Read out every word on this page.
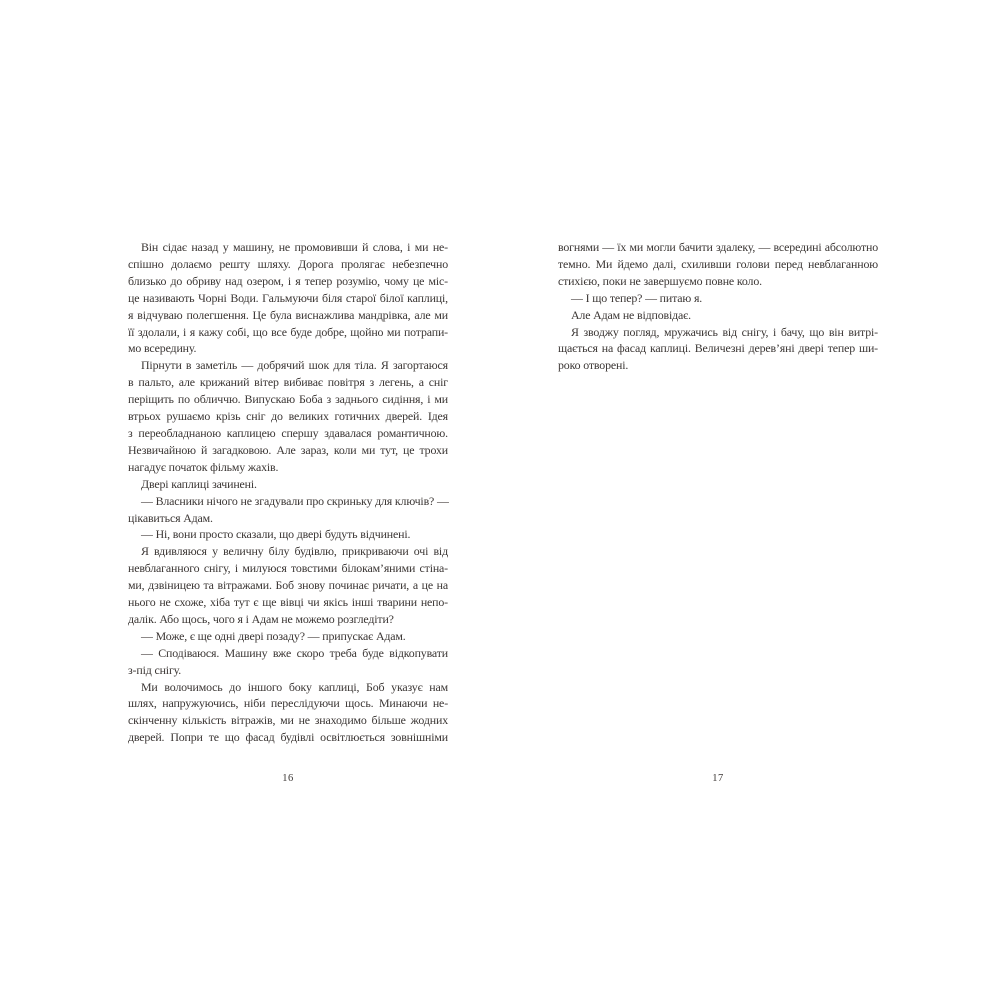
Він сідає назад у машину, не промовивши й слова, і ми не-
спішно долаємо решту шляху. Дорога пролягає небезпечно
близько до обриву над озером, і я тепер розумію, чому це міс-
це називають Чорні Води. Гальмуючи біля старої білої каплиці,
я відчуваю полегшення. Це була виснажлива мандрівка, але ми
її здолали, і я кажу собі, що все буде добре, щойно ми потрапи-
мо всередину.
Пірнути в заметіль — добрячий шок для тіла. Я загортаюся
в пальто, але крижаний вітер вибиває повітря з легень, а сніг
періщить по обличчю. Випускаю Боба з заднього сидіння, і ми
втрьох рушаємо крізь сніг до великих готичних дверей. Ідея
з переобладнаною каплицею спершу здавалася романтичною.
Незвичайною й загадковою. Але зараз, коли ми тут, це трохи
нагадує початок фільму жахів.
Двері каплиці зачинені.
— Власники нічого не згадували про скриньку для ключів? —
цікавиться Адам.
— Ні, вони просто сказали, що двері будуть відчинені.
Я вдивляюся у величну білу будівлю, прикриваючи очі від
невблаганного снігу, і милуюся товстими білокам’яними стіна-
ми, дзвіницею та вітражами. Боб знову починає ричати, а це на
нього не схоже, хіба тут є ще вівці чи якісь інші тварини непо-
далік. Або щось, чого я і Адам не можемо розгледіти?
— Може, є ще одні двері позаду? — припускає Адам.
— Сподіваюся. Машину вже скоро треба буде відкопувати
з-під снігу.
Ми волочимось до іншого боку каплиці, Боб указує нам
шлях, напружуючись, ніби переслідуючи щось. Минаючи не-
скінченну кількість вітражів, ми не знаходимо більше жодних
дверей. Попри те що фасад будівлі освітлюється зовнішніми
вогнями — їх ми могли бачити здалеку, — всередині абсолютно
темно. Ми йдемо далі, схиливши голови перед невблаганною
стихією, поки не завершуємо повне коло.
— І що тепер? — питаю я.
Але Адам не відповідає.
Я зводжу погляд, мружачись від снігу, і бачу, що він витрі-
щається на фасад каплиці. Величезні дерев’яні двері тепер ши-
роко отворені.
16	17
